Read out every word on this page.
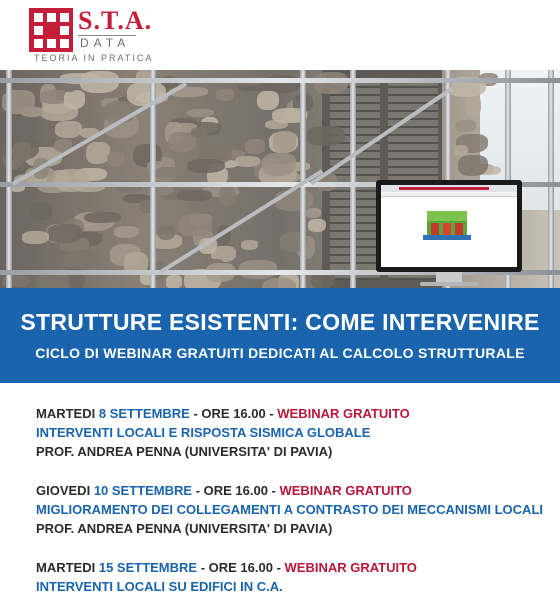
S.T.A.
DATA
TEORIA IN PRATICA
STRUTTURE ESISTENTI: COME INTERVENIRE
CICLO DI WEBINAR GRATUITI DEDICATI AL CALCOLO STRUTTURALE
MARTEDI 8 SETTEMBRE - ORE 16.00 - WEBINAR GRATUITO
INTERVENTI LOCALI E RISPOSTA SISMICA GLOBALE
PROF. ANDREA PENNA (UNIVERSITA' DI PAVIA)
GIOVEDI 10 SETTEMBRE - ORE 16.00 - WEBINAR GRATUITO
MIGLIORAMENTO DEI COLLEGAMENTI A CONTRASTO DEI MECCANISMI LOCALI
PROF. ANDREA PENNA (UNIVERSITA' DI PAVIA)
MARTEDI 15 SETTEMBRE - ORE 16.00 - WEBINAR GRATUITO
INTERVENTI LOCALI SU EDIFICI IN C.A.
